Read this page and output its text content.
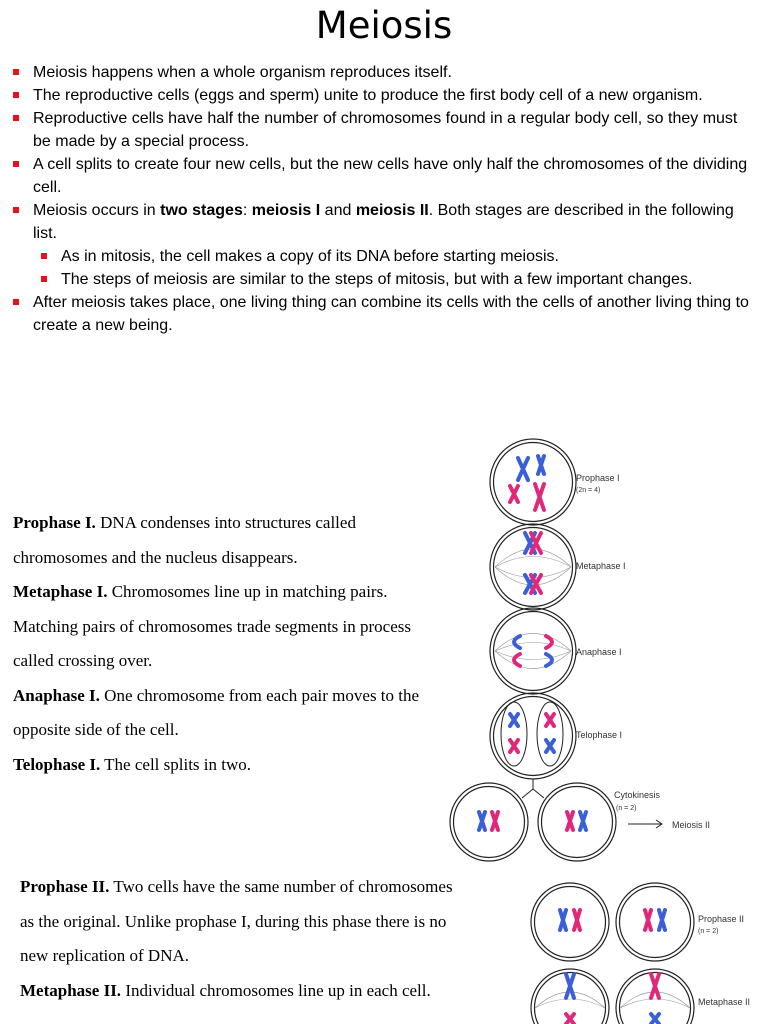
Meiosis
Meiosis happens when a whole organism reproduces itself.
The reproductive cells (eggs and sperm) unite to produce the first body cell of a new organism.
Reproductive cells have half the number of chromosomes found in a regular body cell, so they must be made by a special process.
A cell splits to create four new cells, but the new cells have only half the chromosomes of the dividing cell.
Meiosis occurs in two stages: meiosis I and meiosis II. Both stages are described in the following list.
As in mitosis, the cell makes a copy of its DNA before starting meiosis.
The steps of meiosis are similar to the steps of mitosis, but with a few important changes.
After meiosis takes place, one living thing can combine its cells with the cells of another living thing to create a new being.
Prophase I. DNA condenses into structures called chromosomes and the nucleus disappears.
Metaphase I. Chromosomes line up in matching pairs. Matching pairs of chromosomes trade segments in process called crossing over.
Anaphase I. One chromosome from each pair moves to the opposite side of the cell.
Telophase I. The cell splits in two.
Prophase II. Two cells have the same number of chromosomes as the original. Unlike prophase I, during this phase there is no new replication of DNA.
Metaphase II. Individual chromosomes line up in each cell.
Prophase I
(2n = 4)
Metaphase I
Anaphase I
Telophase I
Cytokinesis
(n = 2)
Meiosis II
Prophase II
(n = 2)
Metaphase II
